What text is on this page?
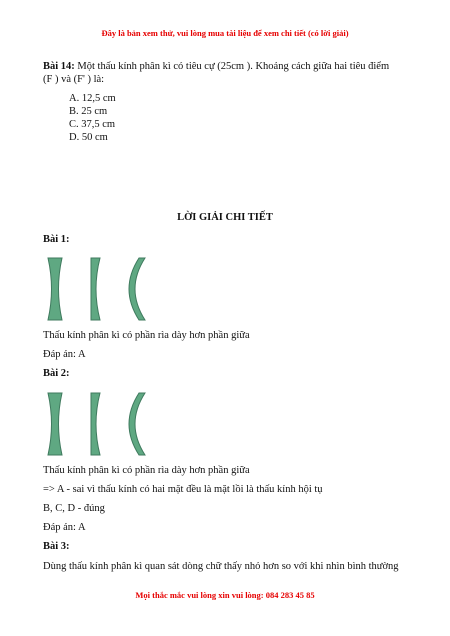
Đây là bản xem thử, vui lòng mua tài liệu để xem chi tiết (có lời giải)
Bài 14: Một thấu kính phân kì có tiêu cự (25cm ). Khoảng cách giữa hai tiêu điểm
(F ) và (F' ) là:
A. 12,5 cm
B. 25 cm
C. 37,5 cm
D. 50 cm
LỜI GIẢI CHI TIẾT
Bài 1:
Thấu kính phân kì có phần rìa dày hơn phần giữa
Đáp án: A
Bài 2:
Thấu kính phân kì có phần rìa dày hơn phần giữa
=> A - sai vì thấu kính có hai mặt đều là mặt lồi là thấu kính hội tụ
B, C, D - đúng
Đáp án: A
Bài 3:
Dùng thấu kính phân kì quan sát dòng chữ thấy nhỏ hơn so với khi nhìn bình thường
Mọi thắc mắc vui lòng xin vui lòng: 084 283 45 85
